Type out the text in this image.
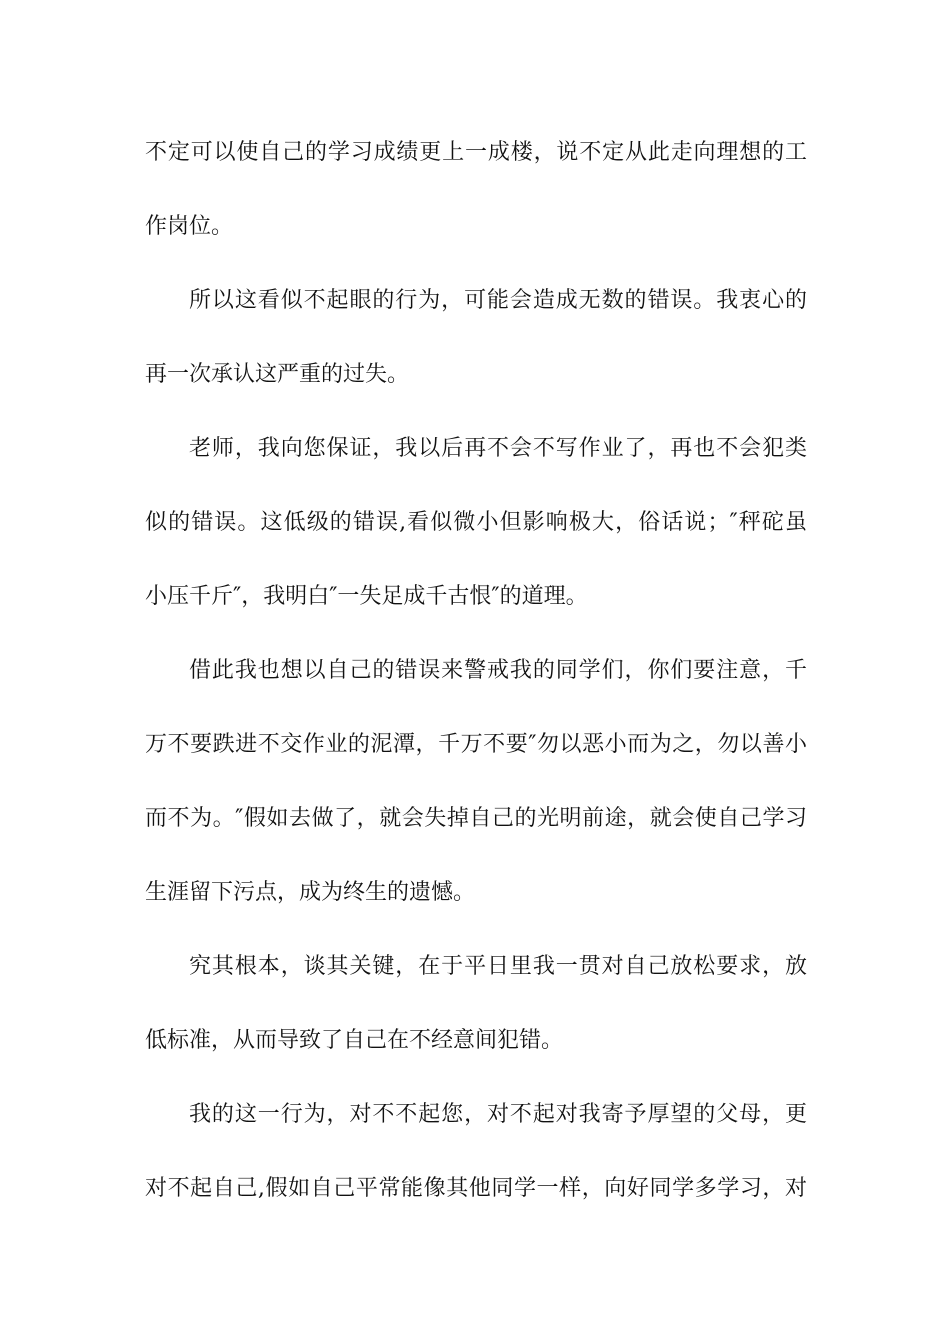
不定可以使自己的学习成绩更上一成楼，说不定从此走向理想的工
作岗位。
所以这看似不起眼的行为，可能会造成无数的错误。我衷心的
再一次承认这严重的过失。
老师，我向您保证，我以后再不会不写作业了，再也不会犯类
似的错误。这低级的错误,看似微小但影响极大，俗话说；″秤砣虽
小压千斤″，我明白″一失足成千古恨″的道理。
借此我也想以自己的错误来警戒我的同学们，你们要注意，千
万不要跌进不交作业的泥潭，千万不要″勿以恶小而为之，勿以善小
而不为。″假如去做了，就会失掉自己的光明前途，就会使自己学习
生涯留下污点，成为终生的遗憾。
究其根本，谈其关键，在于平日里我一贯对自己放松要求，放
低标准，从而导致了自己在不经意间犯错。
我的这一行为，对不不起您，对不起对我寄予厚望的父母，更
对不起自己,假如自己平常能像其他同学一样，向好同学多学习，对
